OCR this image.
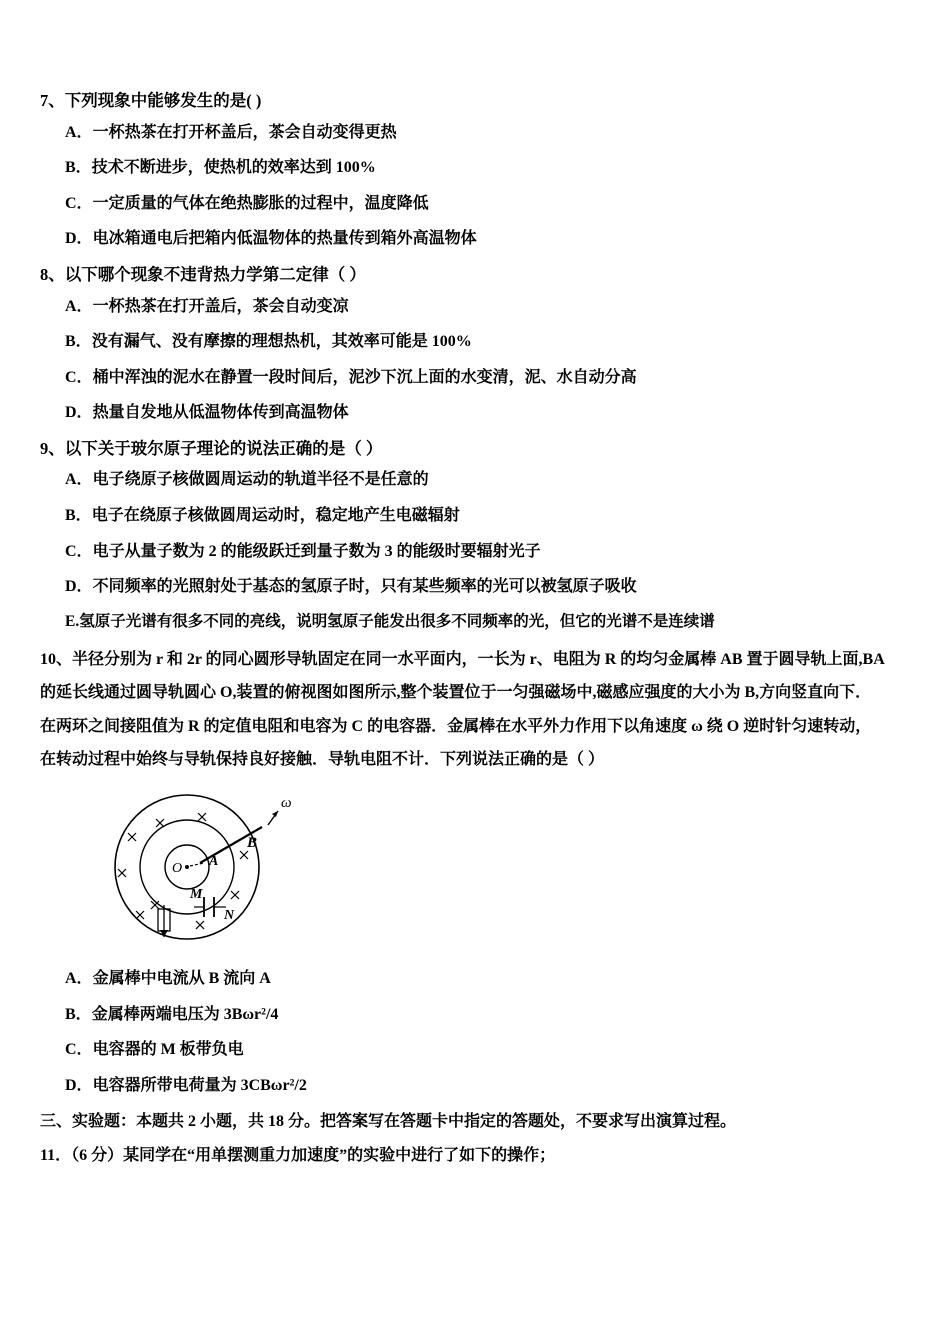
7、下列现象中能够发生的是( )
A．一杯热茶在打开杯盖后，茶会自动变得更热
B．技术不断进步，使热机的效率达到 100%
C．一定质量的气体在绝热膨胀的过程中，温度降低
D．电冰箱通电后把箱内低温物体的热量传到箱外高温物体
8、以下哪个现象不违背热力学第二定律（ ）
A．一杯热茶在打开盖后，茶会自动变凉
B．没有漏气、没有摩擦的理想热机，其效率可能是 100%
C．桶中浑浊的泥水在静置一段时间后，泥沙下沉上面的水变清，泥、水自动分高
D．热量自发地从低温物体传到高温物体
9、以下关于玻尔原子理论的说法正确的是（ ）
A．电子绕原子核做圆周运动的轨道半径不是任意的
B．电子在绕原子核做圆周运动时，稳定地产生电磁辐射
C．电子从量子数为 2 的能级跃迁到量子数为 3 的能级时要辐射光子
D．不同频率的光照射处于基态的氢原子时，只有某些频率的光可以被氢原子吸收
E.氢原子光谱有很多不同的亮线，说明氢原子能发出很多不同频率的光，但它的光谱不是连续谱
10、半径分别为 r 和 2r 的同心圆形导轨固定在同一水平面内，一长为 r、电阻为 R 的均匀金属棒 AB 置于圆导轨上面,BA
的延长线通过圆导轨圆心 O,装置的俯视图如图所示,整个装置位于一匀强磁场中,磁感应强度的大小为 B,方向竖直向下．
在两环之间接阻值为 R 的定值电阻和电容为 C 的电容器．金属棒在水平外力作用下以角速度 ω 绕 O 逆时针匀速转动，
在转动过程中始终与导轨保持良好接触．导轨电阻不计．下列说法正确的是（ ）
ω
B
A
O
M
N
A．金属棒中电流从 B 流向 A
B．金属棒两端电压为 3Bωr²/4
C．电容器的 M 板带负电
D．电容器所带电荷量为 3CBωr²/2
三、实验题：本题共 2 小题，共 18 分。把答案写在答题卡中指定的答题处，不要求写出演算过程。
11．（6 分）某同学在“用单摆测重力加速度”的实验中进行了如下的操作；
